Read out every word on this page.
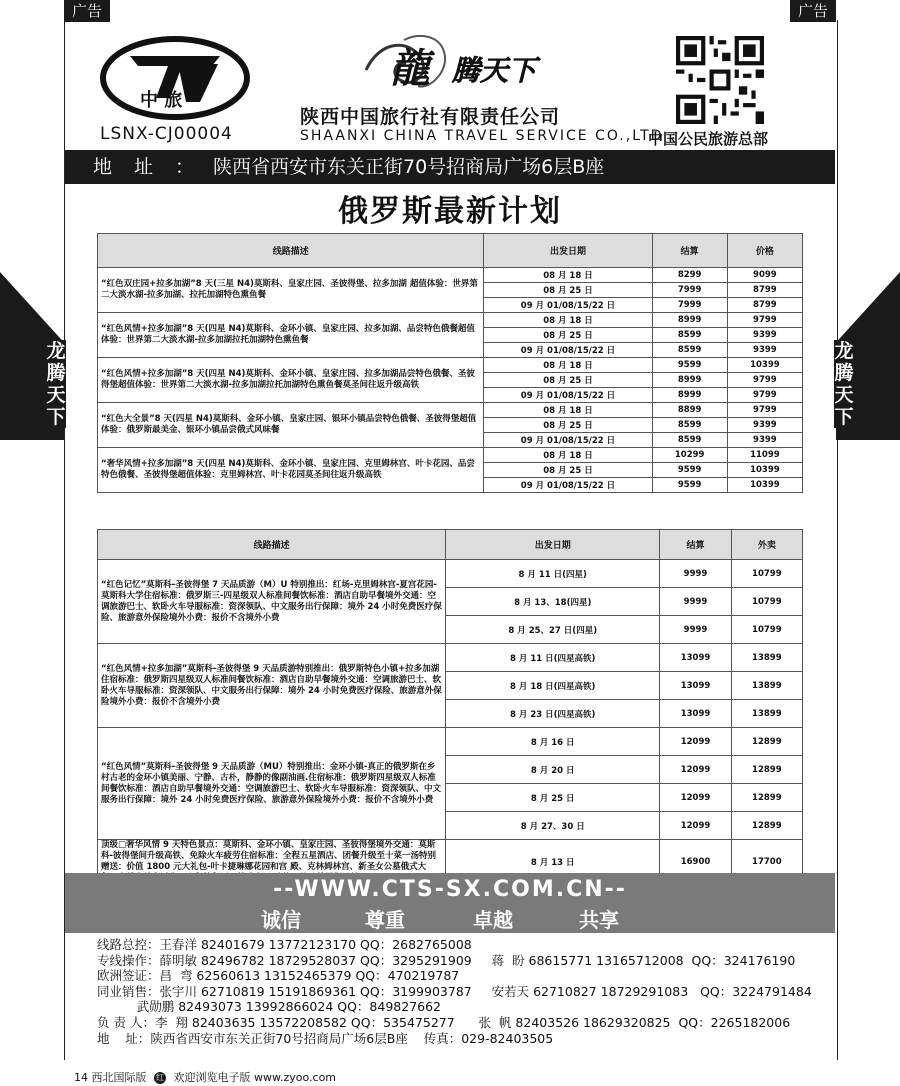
广告	广告
龙
腾
天
下
龙
腾
天
下
中 旅
LSNX-CJ00004
龍 腾天下
陕西中国旅行社有限责任公司
SHAANXI CHINA TRAVEL SERVICE CO.,LTD
中国公民旅游总部
地址：
陕西省西安市东关正街70号招商局广场6层B座
俄罗斯最新计划
线路描述	出发日期	结算	价格
“红色双庄园+拉多加湖”8 天(三星 N4)莫斯科、皇家庄园、圣彼得堡、拉多加湖 超值体验：世界第二大淡水湖-拉多加湖、拉托加湖特色熏鱼餐	08 月 18 日	8299	9099
	08 月 25 日	7999	8799
	09 月 01/08/15/22 日	7999	8799
“红色风情+拉多加湖”8 天(四星 N4)莫斯科、金环小镇、皇家庄园、拉多加湖、品尝特色俄餐超值体验：世界第二大淡水湖-拉多加湖拉托加湖特色熏鱼餐	08 月 18 日	8999	9799
	08 月 25 日	8599	9399
	09 月 01/08/15/22 日	8599	9399
“红色风情+拉多加湖”8 天(四星 N4)莫斯科、金环小镇、皇家庄园、拉多加湖品尝特色俄餐、圣彼得堡超值体验：世界第二大淡水湖-拉多加湖拉托加湖特色熏鱼餐莫圣间往返升级高铁	08 月 18 日	9599	10399
	08 月 25 日	8999	9799
	09 月 01/08/15/22 日	8999	9799
“红色大全景”8 天(四星 N4)莫斯科、金环小镇、皇家庄园、银环小镇品尝特色俄餐、圣彼得堡超值体验：俄罗斯最美金、银环小镇品尝俄式风味餐	08 月 18 日	8899	9799
	08 月 25 日	8599	9399
	09 月 01/08/15/22 日	8599	9399
“奢华风情+拉多加湖”8 天(四星 N4)莫斯科、金环小镇、皇家庄园、克里姆林宫、叶卡花园、品尝特色俄餐、圣彼得堡超值体验：克里姆林宫、叶卡花园莫圣间往返升级高铁	08 月 18 日	10299	11099
	08 月 25 日	9599	10399
	09 月 01/08/15/22 日	9599	10399
线路描述	出发日期	结算	外卖
“红色记忆”莫斯科-圣彼得堡 7 天品质游（M）U 特别推出：红场-克里姆林宫-夏宫花园-莫斯科大学住宿标准：俄罗斯三-四星级双人标准间餐饮标准：酒店自助早餐境外交通：空调旅游巴士、软卧火车导服标准：资深领队、中文服务出行保障：境外 24 小时免费医疗保险、旅游意外保险境外小费：报价不含境外小费	8 月 11 日(四星)	9999	10799
	8 月 13、18(四星)	9999	10799
	8 月 25、27 日(四星)	9999	10799
“红色风情+拉多加湖”莫斯科-圣彼得堡 9 天品质游特别推出：俄罗斯特色小镇+拉多加湖住宿标准：俄罗斯四星级双人标准间餐饮标准：酒店自助早餐境外交通：空调旅游巴士、软卧火车导服标准：资深领队、中文服务出行保障：境外 24 小时免费医疗保险、旅游意外保险境外小费：报价不含境外小费	8 月 11 日(四星高铁)	13099	13899
	8 月 18 日(四星高铁)	13099	13899
	8 月 23 日(四星高铁)	13099	13899
“红色风情”莫斯科-圣彼得堡 9 天品质游（MU）特别推出：金环小镇-真正的俄罗斯在乡村古老的金环小镇美丽、宁静、古朴，静静的像副油画.住宿标准：俄罗斯四星级双人标准间餐饮标准：酒店自助早餐境外交通：空调旅游巴士、软卧火车导服标准：资深领队、中文服务出行保障：境外 24 小时免费医疗保险、旅游意外保险境外小费：报价不含境外小费	8 月 16 日	12099	12899
	8 月 20 日	12099	12899
	8 月 25 日	12099	12899
	8 月 27、30 日	12099	12899
顶级□奢华风情 9 天特色景点：莫斯科、金环小镇、皇家庄园、圣彼得堡境外交通：莫斯科-彼得堡间升级高铁、免除火车疲劳住宿标准：全程五星酒店、团餐升级至十菜一汤特别赠送：价值 1800 元大礼包-叶卡捷琳娜花园和宫 殿、克林姆林宫、新圣女公墓俄式大	8 月 13 日	16900	17700
--WWW.CTS-SX.COM.CN--
诚信	尊重	卓越	共享
线路总控：王春洋 82401679 13772123170 QQ：2682765008
专线操作：薛明敏 82496782 18729528037 QQ：3295291909     蒋  盼 68615771 13165712008  QQ：324176190
欧洲签证：昌  弯 62560613 13152465379 QQ：470219787
同业销售：张宇川 62710819 15191869361 QQ：3199903787     安若天 62710827 18729291083   QQ：3224791484
武勋鹏 82493073 13992866024 QQ：849827662
负 责 人：李  翔 82403635 13572208582 QQ：535475277      张  帆 82403526 18629320825  QQ：2265182006
地    址：陕西省西安市东关正街70号招商局广场6层B座    传真：029-82403505
14 西北国际版 红 欢迎浏览电子版 www.zyoo.com
